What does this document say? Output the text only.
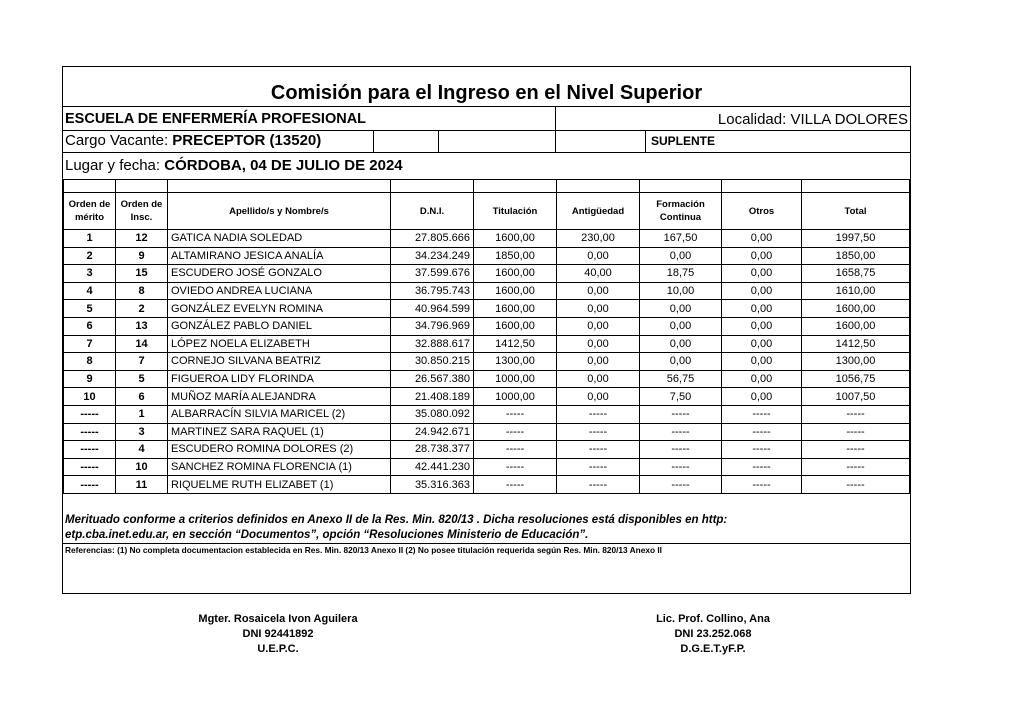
Comisión para el Ingreso en el Nivel Superior
ESCUELA DE ENFERMERÍA PROFESIONAL	Localidad: VILLA DOLORES
Cargo Vacante: PRECEPTOR (13520)	SUPLENTE
Lugar y fecha: CÓRDOBA, 04 DE JULIO DE 2024

Orden de mérito	Orden de Insc.	Apellido/s y Nombre/s	D.N.I.	Titulación	Antigüedad	Formación Continua	Otros	Total
1	12	GATICA NADIA SOLEDAD	27.805.666	1600,00	230,00	167,50	0,00	1997,50
2	9	ALTAMIRANO JESICA ANALÍA	34.234.249	1850,00	0,00	0,00	0,00	1850,00
3	15	ESCUDERO JOSÉ GONZALO	37.599.676	1600,00	40,00	18,75	0,00	1658,75
4	8	OVIEDO ANDREA LUCIANA	36.795.743	1600,00	0,00	10,00	0,00	1610,00
5	2	GONZÁLEZ EVELYN ROMINA	40.964.599	1600,00	0,00	0,00	0,00	1600,00
6	13	GONZÁLEZ PABLO DANIEL	34.796.969	1600,00	0,00	0,00	0,00	1600,00
7	14	LÓPEZ NOELA ELIZABETH	32.888.617	1412,50	0,00	0,00	0,00	1412,50
8	7	CORNEJO SILVANA BEATRIZ	30.850.215	1300,00	0,00	0,00	0,00	1300,00
9	5	FIGUEROA LIDY FLORINDA	26.567.380	1000,00	0,00	56,75	0,00	1056,75
10	6	MUÑOZ MARÍA ALEJANDRA	21.408.189	1000,00	0,00	7,50	0,00	1007,50
-----	1	ALBARRACÍN SILVIA MARICEL (2)	35.080.092	-----	-----	-----	-----	-----
-----	3	MARTINEZ SARA RAQUEL (1)	24.942.671	-----	-----	-----	-----	-----
-----	4	ESCUDERO ROMINA DOLORES (2)	28.738.377	-----	-----	-----	-----	-----
-----	10	SANCHEZ ROMINA FLORENCIA (1)	42.441.230	-----	-----	-----	-----	-----
-----	11	RIQUELME RUTH ELIZABET (1)	35.316.363	-----	-----	-----	-----	-----
Merituado conforme a criterios definidos en Anexo II de la Res. Min. 820/13 . Dicha resoluciones está disponibles en http:
etp.cba.inet.edu.ar, en sección “Documentos”, opción “Resoluciones Ministerio de Educación”.
Referencias: (1) No completa documentacion establecida en Res. Min. 820/13 Anexo II (2) No posee titulación requerida según Res. Min. 820/13 Anexo II
Mgter. Rosaicela Ivon Aguilera
DNI 92441892
U.E.P.C.
Lic. Prof. Collino, Ana
DNI 23.252.068
D.G.E.T.yF.P.
